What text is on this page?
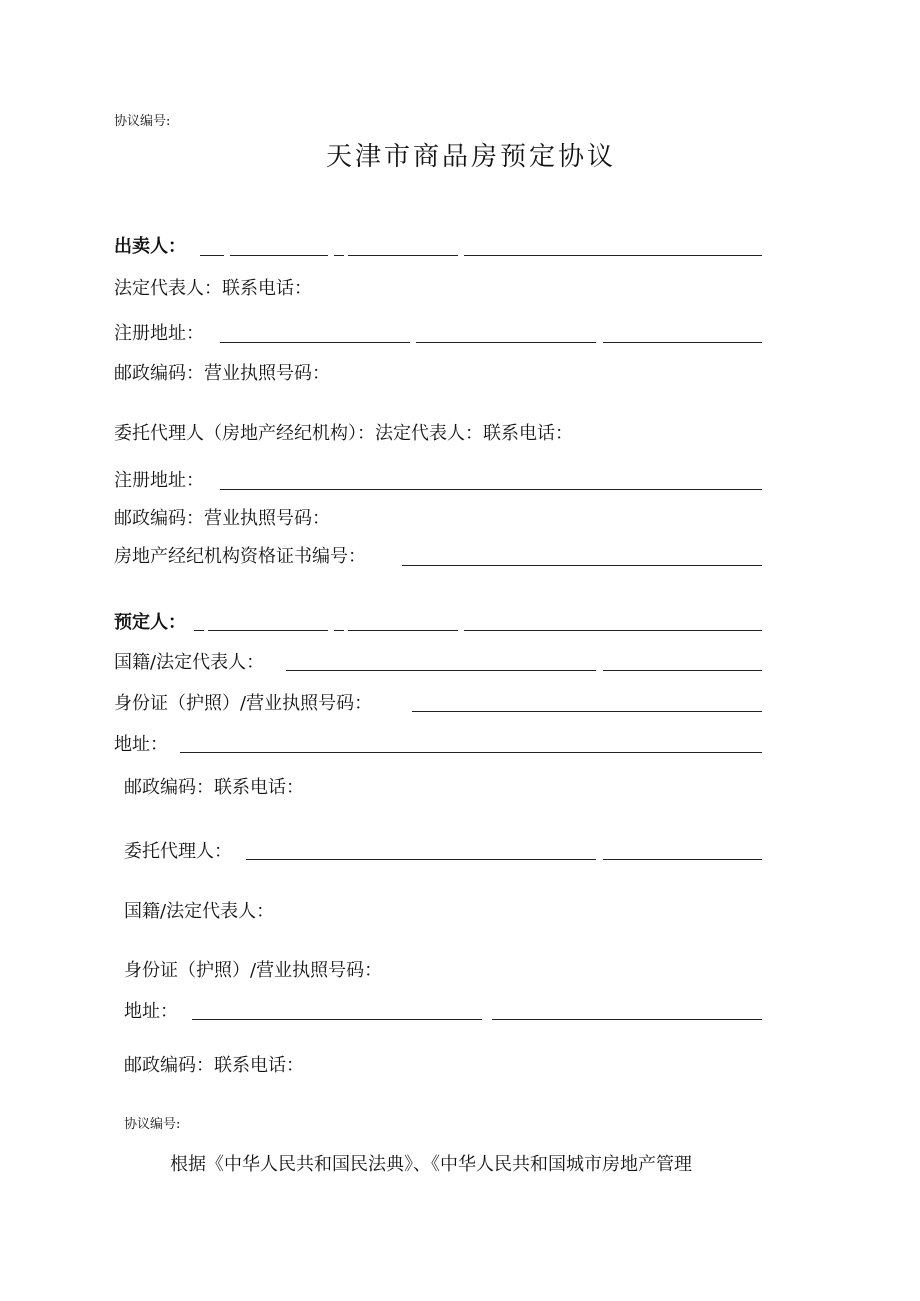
协议编号:
天津市商品房预定协议
出卖人：
法定代表人：联系电话：
注册地址：
邮政编码：营业执照号码：
委托代理人（房地产经纪机构）：法定代表人：联系电话：
注册地址：
邮政编码：营业执照号码：
房地产经纪机构资格证书编号：
预定人：
国籍/法定代表人：
身份证（护照）/营业执照号码：
地址：
邮政编码：联系电话：
委托代理人：
国籍/法定代表人：
身份证（护照）/营业执照号码：
地址：
邮政编码：联系电话：
协议编号:
根据《中华人民共和国民法典》、《中华人民共和国城市房地产管理
